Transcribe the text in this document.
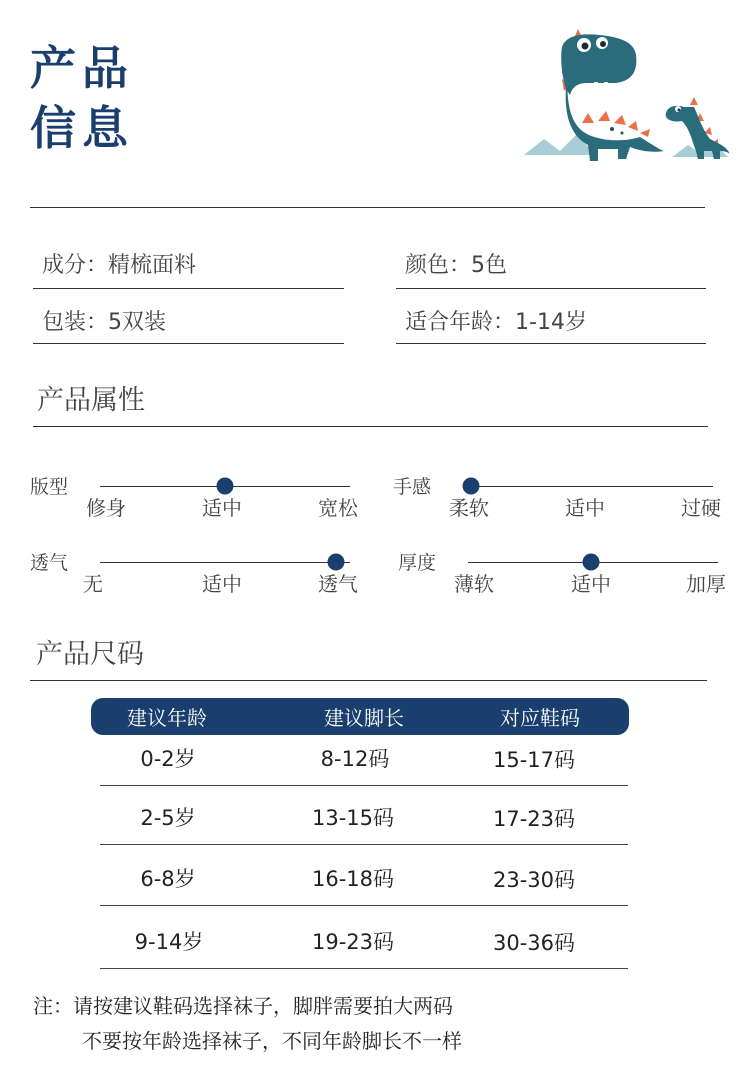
产品
信息
成分：精梳面料	颜色：5色
包装：5双装	适合年龄：1-14岁
产品属性
版型
修身	适中	宽松
手感
柔软	适中	过硬
透气
无	适中	透气
厚度
薄软	适中	加厚
产品尺码
建议年龄	建议脚长	对应鞋码
0-2岁	8-12码	15-17码
2-5岁	13-15码	17-23码
6-8岁	16-18码	23-30码
9-14岁	19-23码	30-36码
注：请按建议鞋码选择袜子，脚胖需要拍大两码
不要按年龄选择袜子，不同年龄脚长不一样
